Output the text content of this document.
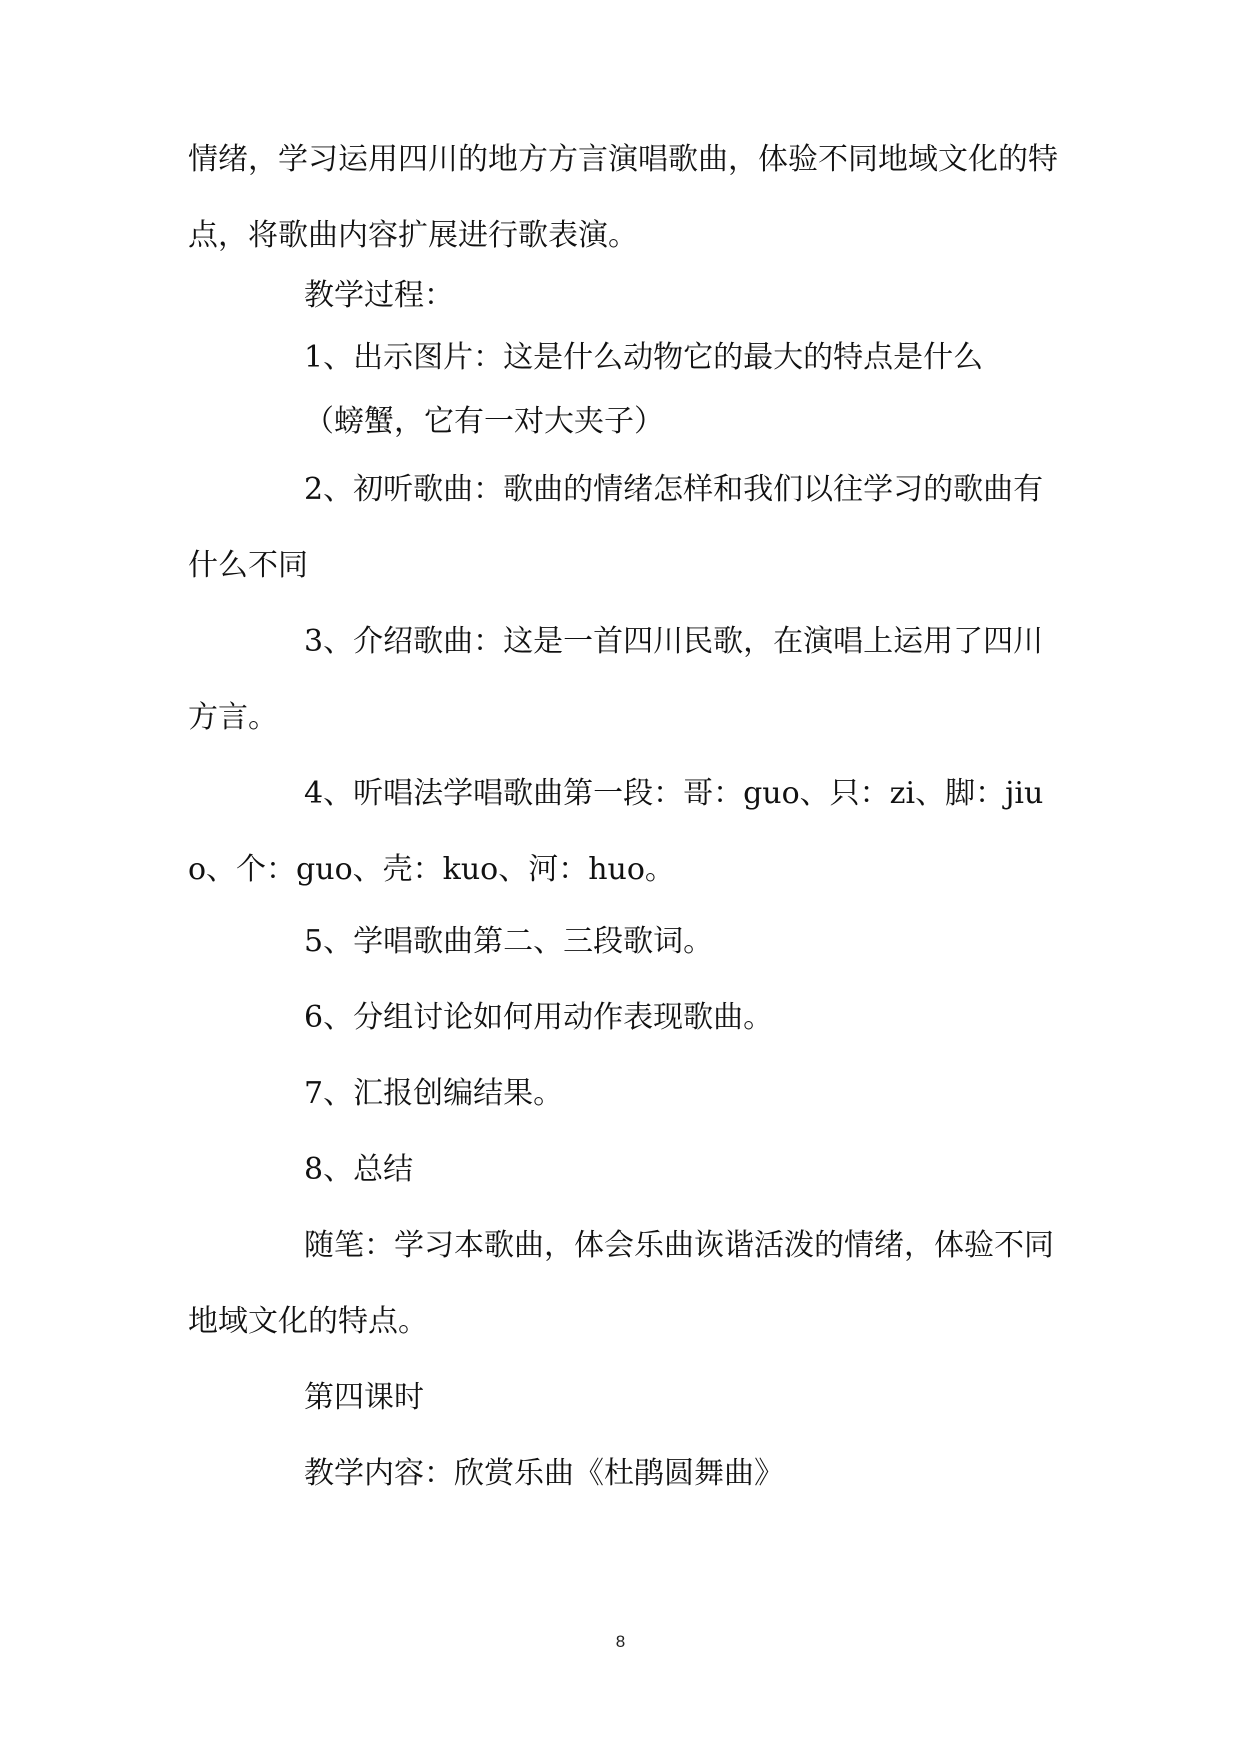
情绪，学习运用四川的地方方言演唱歌曲，体验不同地域文化的特点，将歌曲内容扩展进行歌表演。

教学过程：

1、出示图片：这是什么动物它的最大的特点是什么

（螃蟹，它有一对大夹子）

2、初听歌曲：歌曲的情绪怎样和我们以往学习的歌曲有什么不同

3、介绍歌曲：这是一首四川民歌，在演唱上运用了四川方言。

4、听唱法学唱歌曲第一段：哥：guo、只：zi、脚：jiuo、个：guo、壳：kuo、河：huo。

5、学唱歌曲第二、三段歌词。

6、分组讨论如何用动作表现歌曲。

7、汇报创编结果。

8、总结

随笔：学习本歌曲，体会乐曲诙谐活泼的情绪，体验不同地域文化的特点。

第四课时

教学内容：欣赏乐曲《杜鹃圆舞曲》

8
